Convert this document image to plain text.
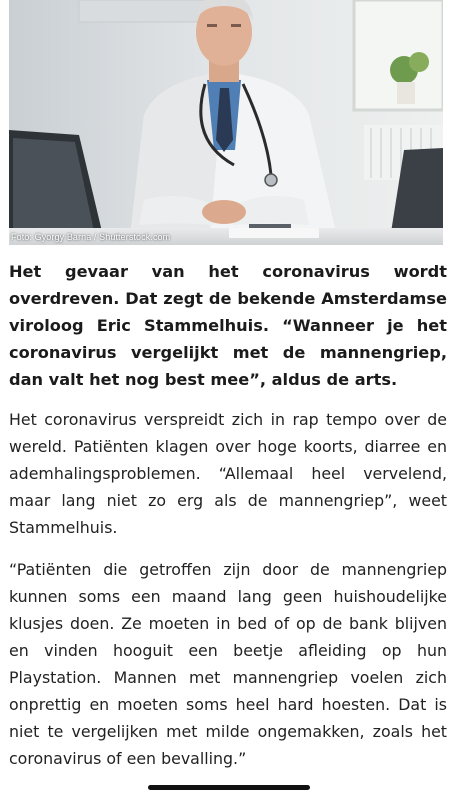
Foto: Gyorgy Barna / Shutterstock.com

Het gevaar van het coronavirus wordt overdreven. Dat zegt de bekende Amsterdamse viroloog Eric Stammelhuis. “Wanneer je het coronavirus vergelijkt met de mannengriep, dan valt het nog best mee”, aldus de arts.

Het coronavirus verspreidt zich in rap tempo over de wereld. Patiënten klagen over hoge koorts, diarree en ademhalingsproblemen. “Allemaal heel vervelend, maar lang niet zo erg als de mannengriep”, weet Stammelhuis.

“Patiënten die getroffen zijn door de mannengriep kunnen soms een maand lang geen huishoudelijke klusjes doen. Ze moeten in bed of op de bank blijven en vinden hooguit een beetje afleiding op hun Playstation. Mannen met mannengriep voelen zich onprettig en moeten soms heel hard hoesten. Dat is niet te vergelijken met milde ongemakken, zoals het coronavirus of een bevalling.”
